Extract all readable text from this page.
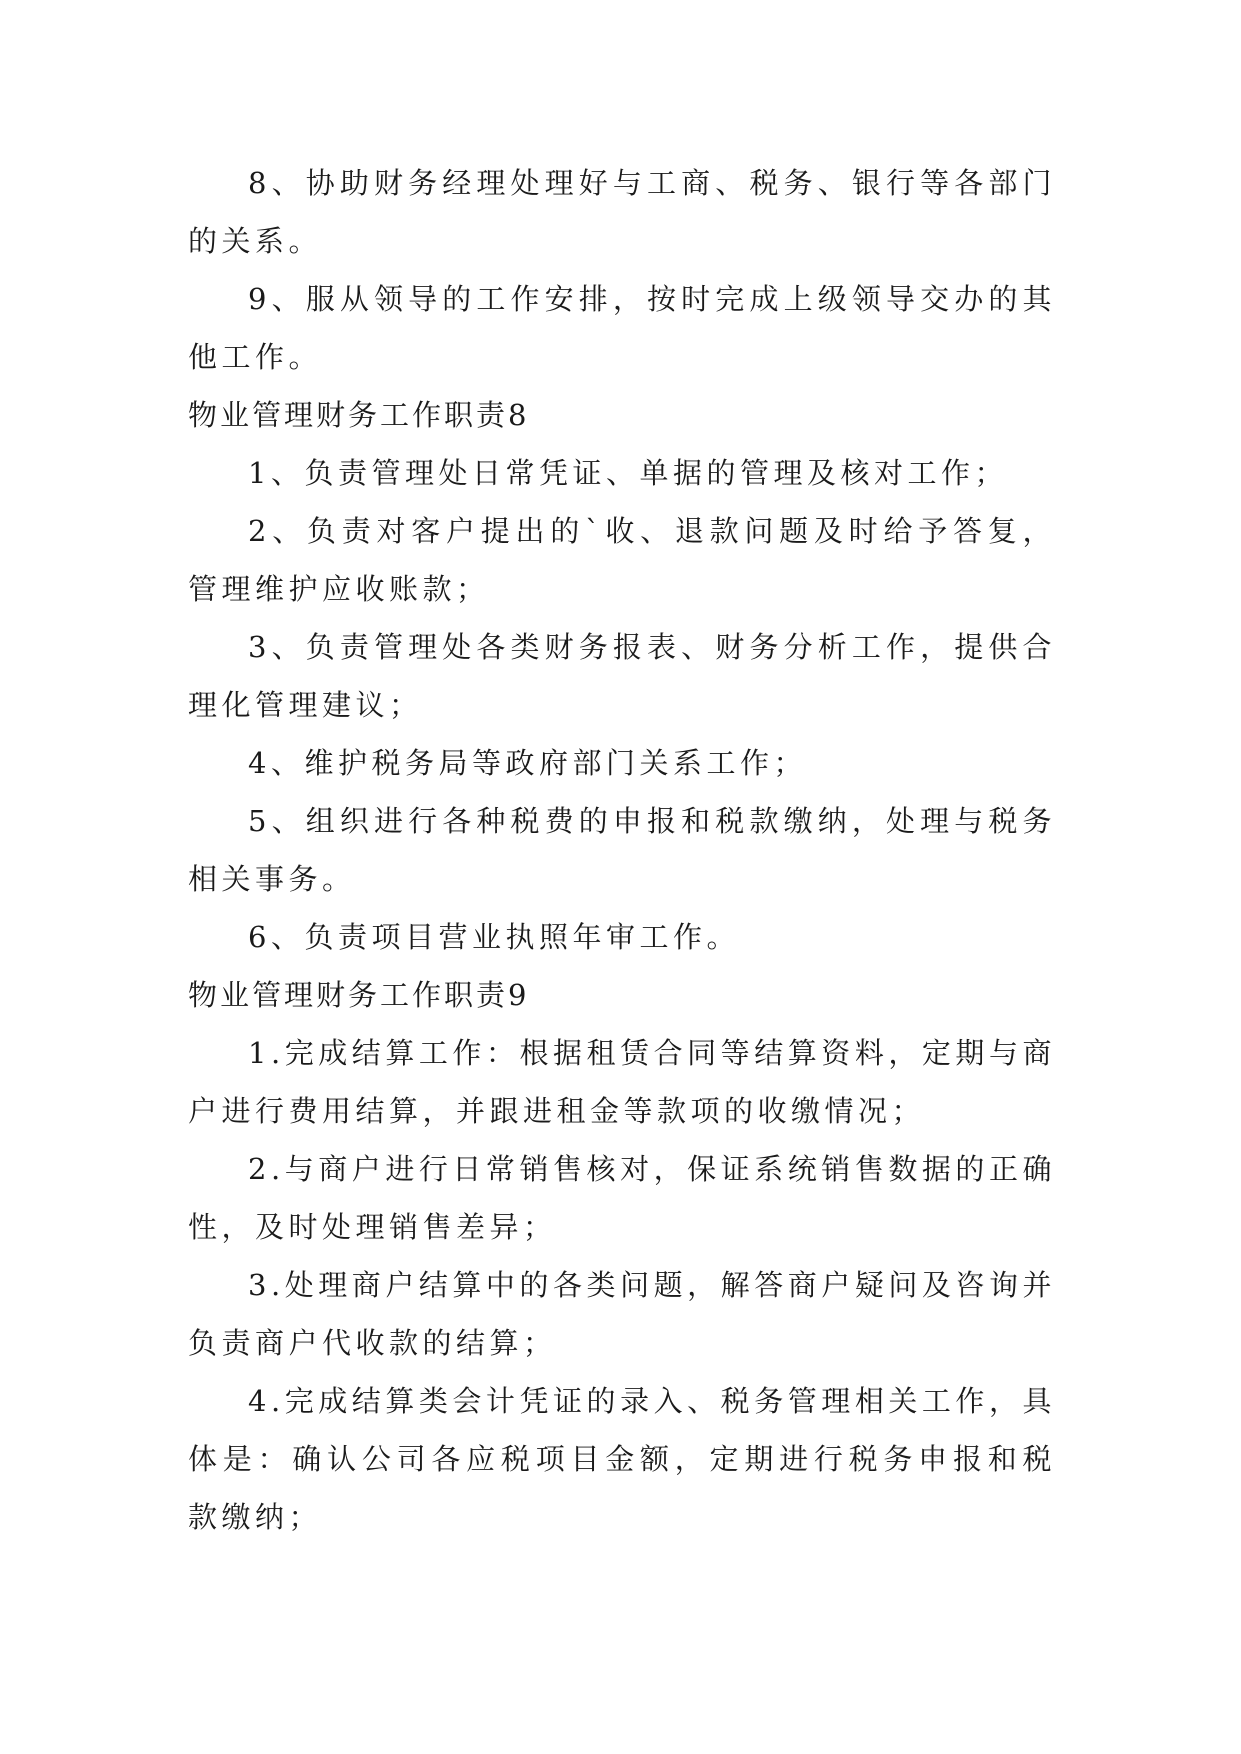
8、协助财务经理处理好与工商、税务、银行等各部门的关系。

9、服从领导的工作安排，按时完成上级领导交办的其他工作。

物业管理财务工作职责8

1、负责管理处日常凭证、单据的管理及核对工作；

2、负责对客户提出的`收、退款问题及时给予答复，管理维护应收账款；

3、负责管理处各类财务报表、财务分析工作，提供合理化管理建议；

4、维护税务局等政府部门关系工作；

5、组织进行各种税费的申报和税款缴纳，处理与税务相关事务。

6、负责项目营业执照年审工作。

物业管理财务工作职责9

1.完成结算工作：根据租赁合同等结算资料，定期与商户进行费用结算，并跟进租金等款项的收缴情况；

2.与商户进行日常销售核对，保证系统销售数据的正确性，及时处理销售差异；

3.处理商户结算中的各类问题，解答商户疑问及咨询并负责商户代收款的结算；

4.完成结算类会计凭证的录入、税务管理相关工作，具体是：确认公司各应税项目金额，定期进行税务申报和税款缴纳；
